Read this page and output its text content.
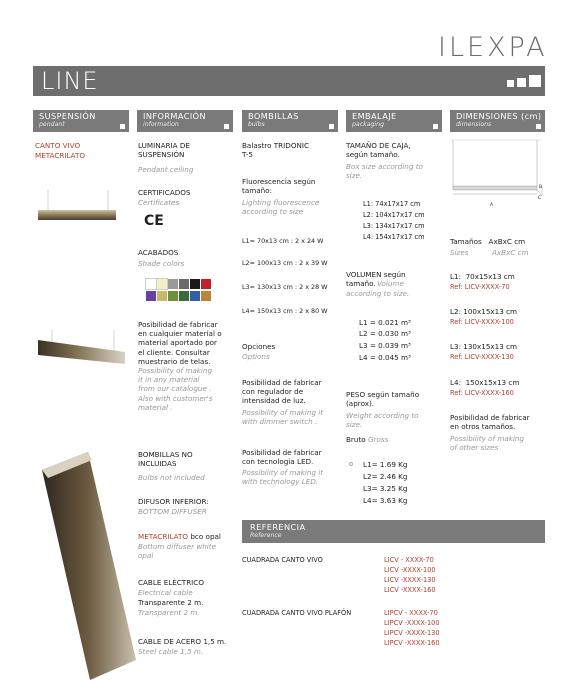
ILEXPA
LINE
SUSPENSIÓN
pendant
INFORMACIÓN
information
BOMBILLAS
bulbs
EMBALAJE
packaging
DIMENSIONES (cm)
dimensions
CANTO VIVO
METACRILATO
LUMINARIA DE
SUSPENSIÓN
Pendant ceiling
CERTIFICADOS
Certificates
CE
ACABADOS
Shade colors
Posibilidad de fabricar
en cualquier material o
material aportado por
el cliente. Consultar
muestrario de telas.
Possibility of making
it in any material
from our catalogue .
Also with customer's
material .
BOMBILLAS NO
INCLUIDAS
Bulbs not included
DIFUSOR INFERIOR:
BOTTOM DIFFUSER
METACRILATO bco opal
Bottom diffuser white
opal
CABLE ELÉCTRICO
Electrical cable
Transparente 2 m.
Transparent 2 m.
CABLE DE ACERO 1,5 m.
Steel cable 1,5 m.
Balastro TRIDONIC
T-5
Fluorescencia según
tamaño:
Lighting fluorescence
according to size
L1= 70x13 cm : 2 x 24 W
L2= 100x13 cm : 2 x 39 W
L3= 130x13 cm : 2 x 28 W
L4= 150x13 cm : 2 x 80 W
Opciones
Options
Posibilidad de fabricar
con regulador de
intensidad de luz.
Possibility of making it
with dimmer switch .
Posibilidad de fabricar
con tecnologia LED.
Possibility of making it
with technology LED.
TAMAÑO DE CAJA,
según tamaño.
Box size according to
size.
L1: 74x17x17 cm
L2: 104x17x17 cm
L3: 134x17x17 cm
L4: 154x17x17 cm
VOLUMEN según
tamaño. Volume
according to size.
L1 = 0.021 m³
L2 = 0.030 m³
L3 = 0.039 m³
L4 = 0.045 m³
PESO según tamaño
(aprox).
Weight according to
size.
Bruto Gross
L1= 1.69 Kg
L2= 2.46 Kg
L3= 3.25 Kg
L4= 3.63 Kg
B
C
A
Tamaños   AxBxC cm
Sizes	AxBxC cm
L1:  70x15x13 cm
Ref: LICV-XXXX-70
L2: 100x15x13 cm
Ref: LICV-XXXX-100
L3: 130x15x13 cm
Ref: LICV-XXXX-130
L4:  150x15x13 cm
Ref: LICV-XXXX-160
Posibilidad de fabricar
en otros tamaños.
Possibility of making
of other sizes
REFERENCIA
Reference
CUADRADA CANTO VIVO	LICV - XXXX-70
LICV -XXXX-100
LICV -XXXX-130
LICV -XXXX-160
CUADRADA CANTO VIVO PLAFÓN	LIPCV - XXXX-70
LIPCV -XXXX-100
LIPCV -XXXX-130
LIPCV -XXXX-160
